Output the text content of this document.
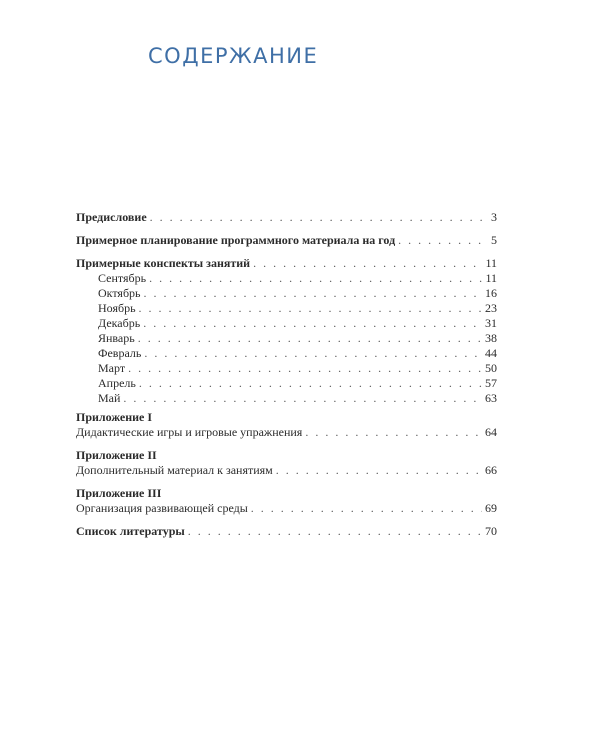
СОДЕРЖАНИЕ
Предисловие . . .	3
Примерное планирование программного материала на год . . .	5
Примерные конспекты занятий . . .	11
Сентябрь . . .	11
Октябрь . . .	16
Ноябрь . . .	23
Декабрь . . .	31
Январь . . .	38
Февраль . . .	44
Март . . .	50
Апрель . . .	57
Май . . .	63
Приложение I
Дидактические игры и игровые упражнения . . .	64
Приложение II
Дополнительный материал к занятиям . . .	66
Приложение III
Организация развивающей среды . . .	69
Список литературы . . .	70
